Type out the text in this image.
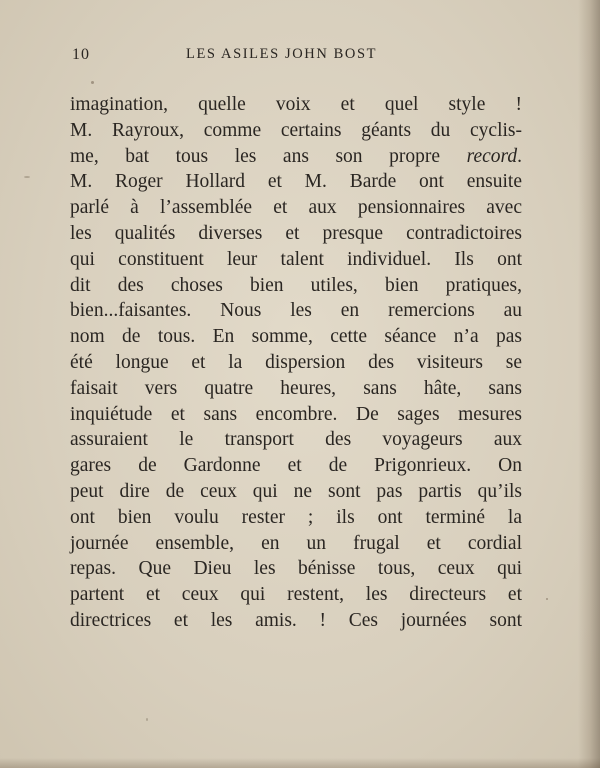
10	LES ASILES JOHN BOST
imagination, quelle voix et quel style !
M. Rayroux, comme certains géants du cyclis-
me, bat tous les ans son propre record.
M. Roger Hollard et M. Barde ont ensuite
parlé à l’assemblée et aux pensionnaires avec
les qualités diverses et presque contradictoires
qui constituent leur talent individuel. Ils ont
dit des choses bien utiles, bien pratiques,
bien...faisantes. Nous les en remercions au
nom de tous. En somme, cette séance n’a pas
été longue et la dispersion des visiteurs se
faisait vers quatre heures, sans hâte, sans
inquiétude et sans encombre. De sages mesures
assuraient le transport des voyageurs aux
gares de Gardonne et de Prigonrieux. On
peut dire de ceux qui ne sont pas partis qu’ils
ont bien voulu rester ; ils ont terminé la
journée ensemble, en un frugal et cordial
repas. Que Dieu les bénisse tous, ceux qui
partent et ceux qui restent, les directeurs et
directrices et les amis. ! Ces journées sont
